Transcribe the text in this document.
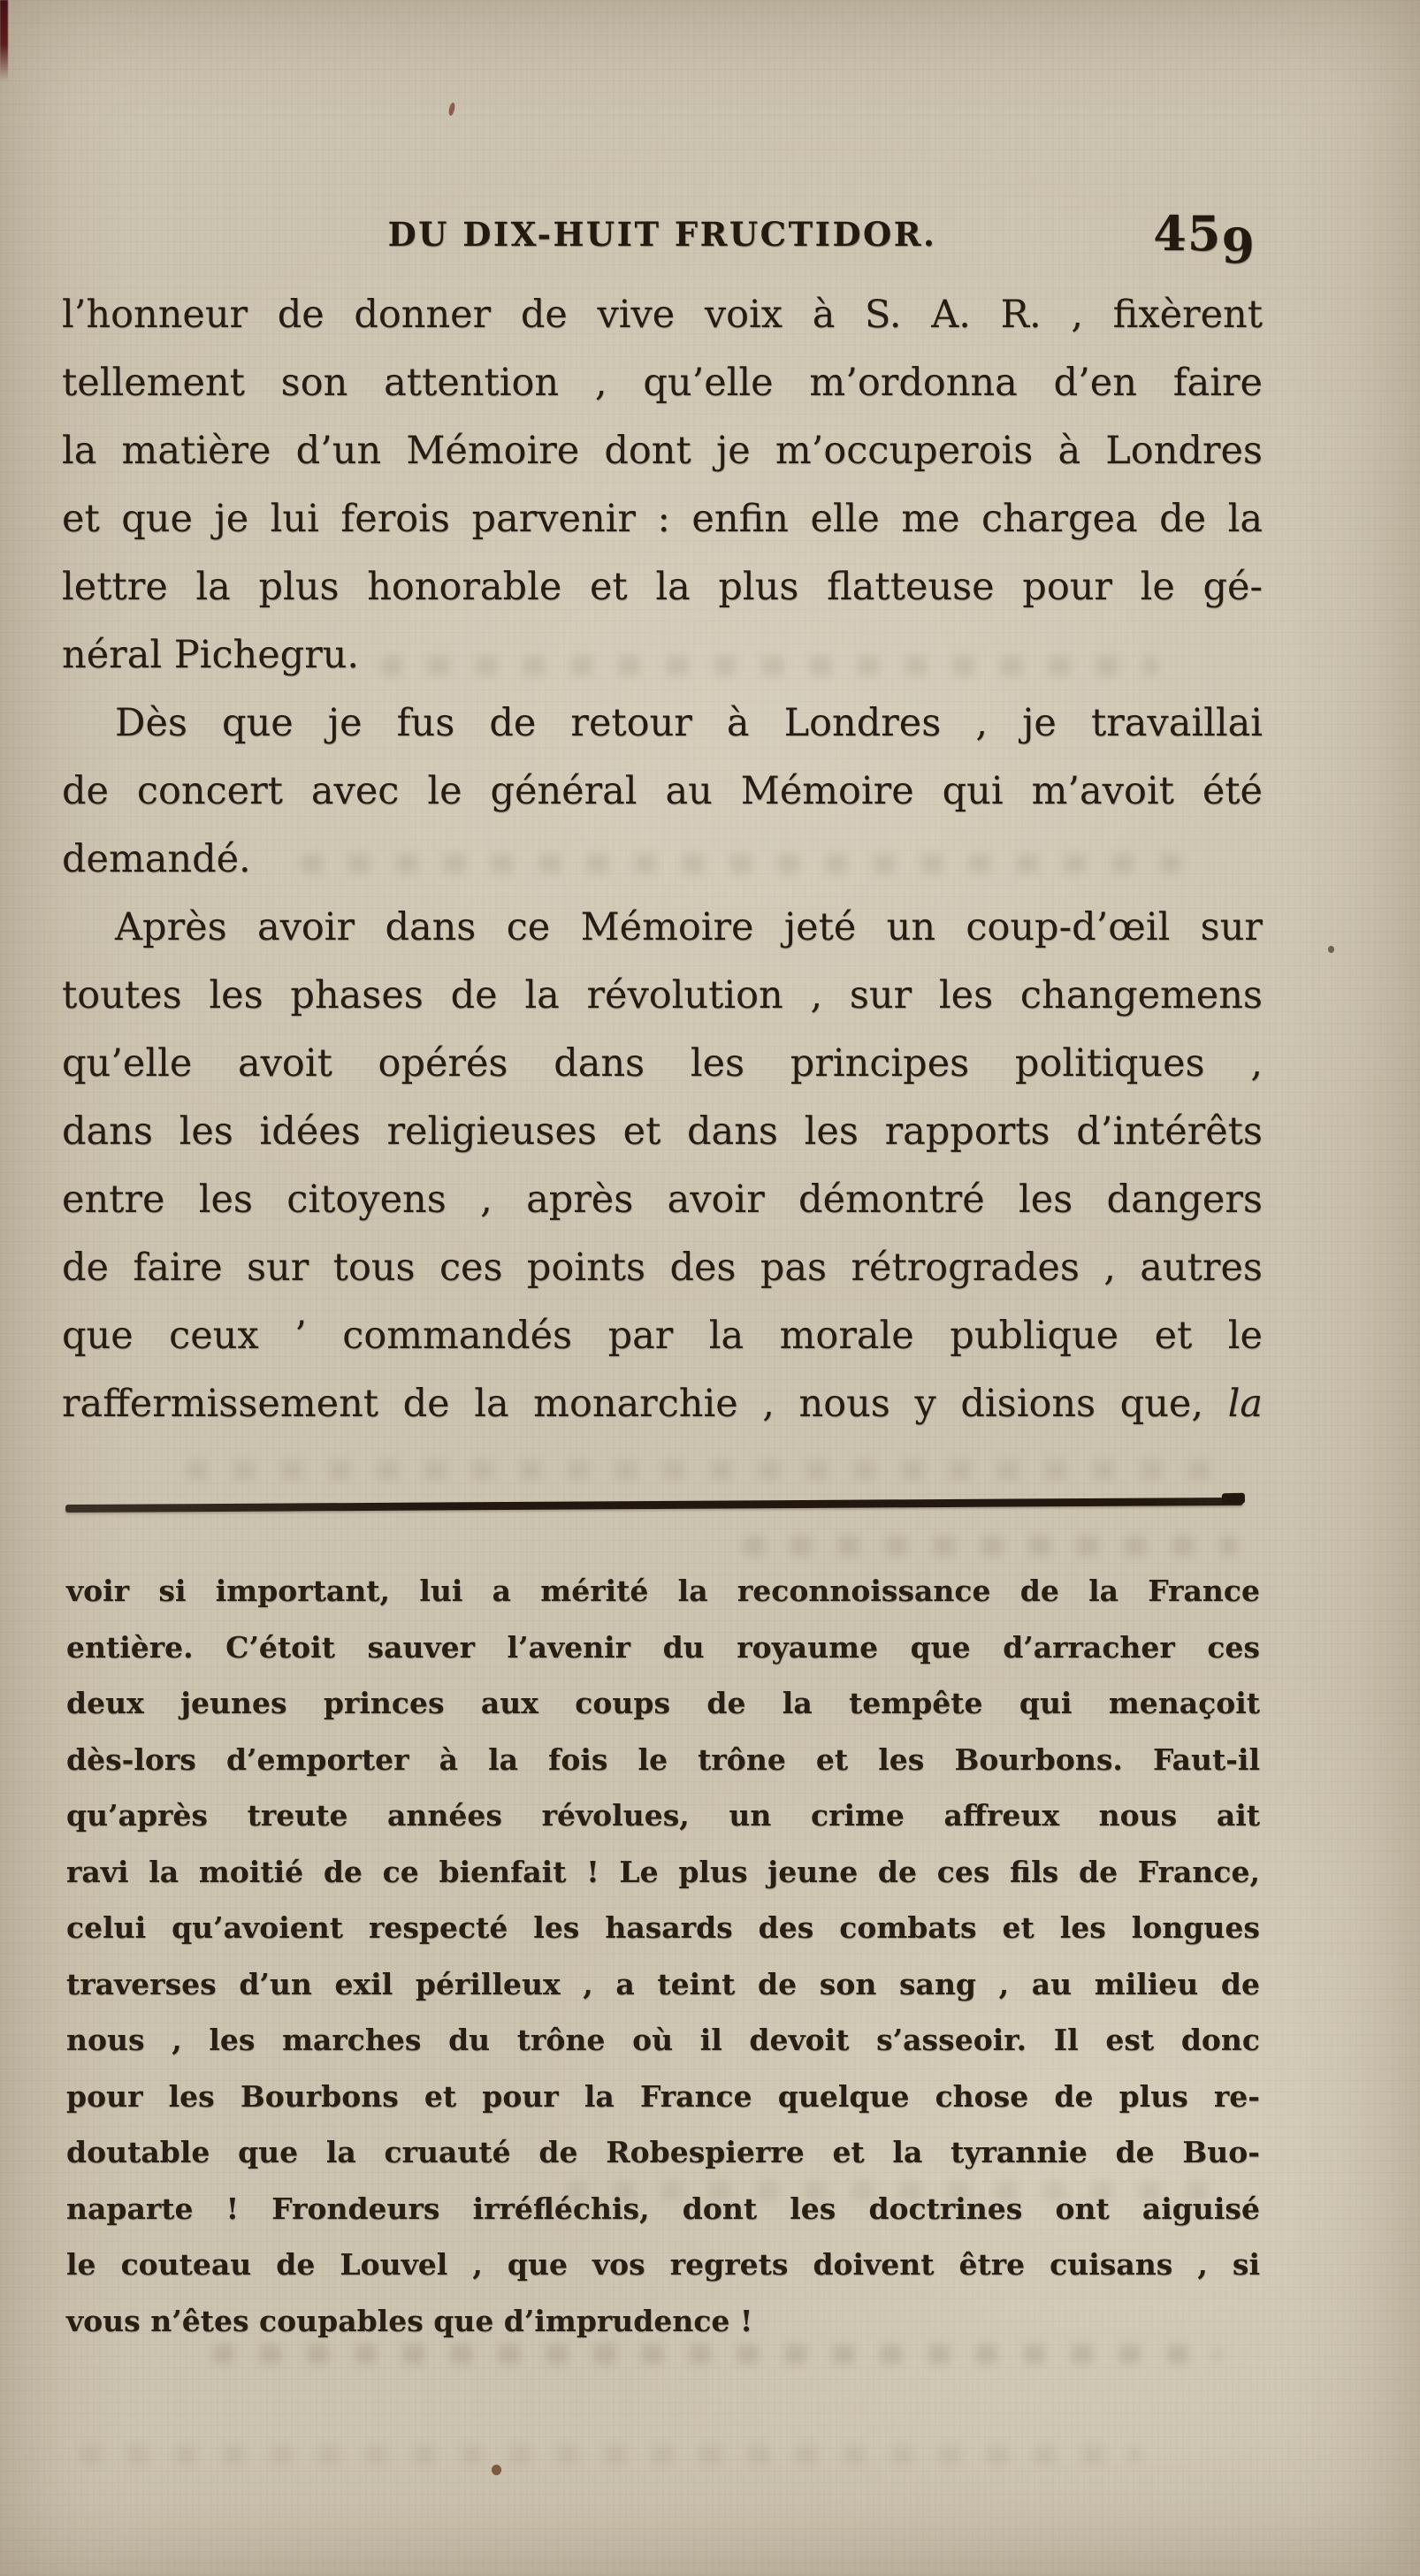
DU DIX-HUIT FRUCTIDOR.	459
l’honneur de donner de vive voix à S. A. R. , fixèrent
tellement son attention , qu’elle m’ordonna d’en faire
la matière d’un Mémoire dont je m’occuperois à Londres
et que je lui ferois parvenir : enfin elle me chargea de la
lettre la plus honorable et la plus flatteuse pour le gé-
néral Pichegru.
Dès que je fus de retour à Londres , je travaillai
de concert avec le général au Mémoire qui m’avoit été
demandé.
Après avoir dans ce Mémoire jeté un coup-d’œil sur
toutes les phases de la révolution , sur les changemens
qu’elle avoit opérés dans les principes politiques ,
dans les idées religieuses et dans les rapports d’intérêts
entre les citoyens , après avoir démontré les dangers
de faire sur tous ces points des pas rétrogrades , autres
que ceux ’ commandés par la morale publique et le
raffermissement de la monarchie , nous y disions que, la
voir si important, lui a mérité la reconnoissance de la France
entière. C’étoit sauver l’avenir du royaume que d’arracher ces
deux jeunes princes aux coups de la tempête qui menaçoit
dès-lors d’emporter à la fois le trône et les Bourbons. Faut-il
qu’après treute années révolues, un crime affreux nous ait
ravi la moitié de ce bienfait ! Le plus jeune de ces fils de France,
celui qu’avoient respecté les hasards des combats et les longues
traverses d’un exil périlleux , a teint de son sang , au milieu de
nous , les marches du trône où il devoit s’asseoir. Il est donc
pour les Bourbons et pour la France quelque chose de plus re-
doutable que la cruauté de Robespierre et la tyrannie de Buo-
naparte ! Frondeurs irréfléchis, dont les doctrines ont aiguisé
le couteau de Louvel , que vos regrets doivent être cuisans , si
vous n’êtes coupables que d’imprudence !
